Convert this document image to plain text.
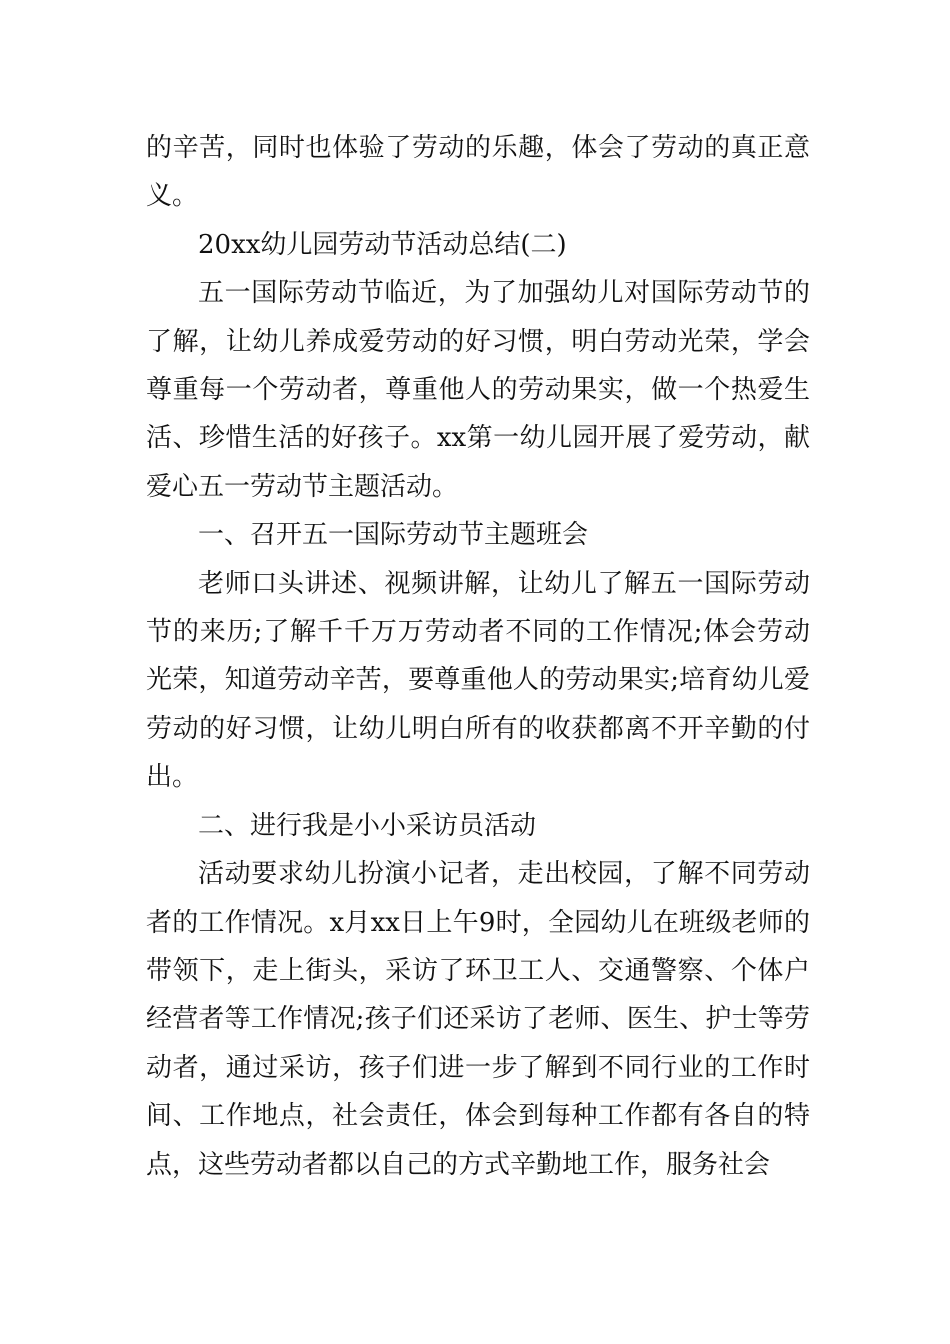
的辛苦，同时也体验了劳动的乐趣，体会了劳动的真正意义。

20xx幼儿园劳动节活动总结(二)

五一国际劳动节临近，为了加强幼儿对国际劳动节的了解，让幼儿养成爱劳动的好习惯，明白劳动光荣，学会尊重每一个劳动者，尊重他人的劳动果实，做一个热爱生活、珍惜生活的好孩子。xx第一幼儿园开展了爱劳动，献爱心五一劳动节主题活动。

一、召开五一国际劳动节主题班会

老师口头讲述、视频讲解，让幼儿了解五一国际劳动节的来历;了解千千万万劳动者不同的工作情况;体会劳动光荣，知道劳动辛苦，要尊重他人的劳动果实;培育幼儿爱劳动的好习惯，让幼儿明白所有的收获都离不开辛勤的付出。

二、进行我是小小采访员活动

活动要求幼儿扮演小记者，走出校园，了解不同劳动者的工作情况。x月xx日上午9时，全园幼儿在班级老师的带领下，走上街头，采访了环卫工人、交通警察、个体户经营者等工作情况;孩子们还采访了老师、医生、护士等劳动者，通过采访，孩子们进一步了解到不同行业的工作时间、工作地点，社会责任，体会到每种工作都有各自的特点，这些劳动者都以自己的方式辛勤地工作，服务社会
